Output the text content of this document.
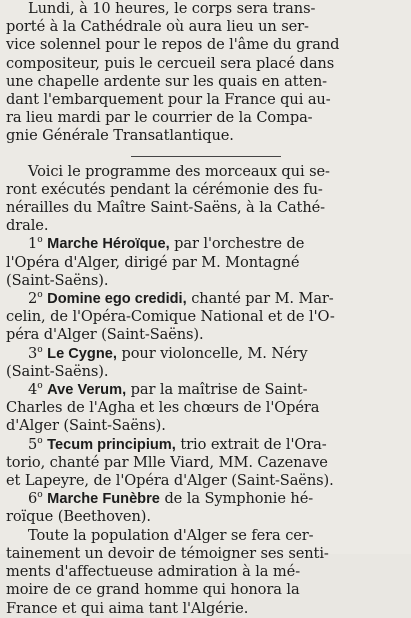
Lundi, à 10 heures, le corps sera trans-
porté à la Cathédrale où aura lieu un ser-
vice solennel pour le repos de l'âme du grand
compositeur, puis le cercueil sera placé dans
une chapelle ardente sur les quais en atten-
dant l'embarquement pour la France qui au-
ra lieu mardi par le courrier de la Compa-
gnie Générale Transatlantique.
Voici le programme des morceaux qui se-
ront exécutés pendant la cérémonie des fu-
nérailles du Maître Saint-Saëns, à la Cathé-
drale.
1$^o$ Marche Héroïque, par l'orchestre de
l'Opéra d'Alger, dirigé par M. Montagné
(Saint-Saëns).
2$^o$ Domine ego credidi, chanté par M. Mar-
celin, de l'Opéra-Comique National et de l'O-
péra d'Alger (Saint-Saëns).
3$^o$ Le Cygne, pour violoncelle, M. Néry
(Saint-Saëns).
4$^o$ Ave Verum, par la maîtrise de Saint-
Charles de l'Agha et les chœurs de l'Opéra
d'Alger (Saint-Saëns).
5$^o$ Tecum principium, trio extrait de l'Ora-
torio, chanté par Mlle Viard, MM. Cazenave
et Lapeyre, de l'Opéra d'Alger (Saint-Saëns).
6$^o$ Marche Funèbre de la Symphonie hé-
roïque (Beethoven).
Toute la population d'Alger se fera cer-
tainement un devoir de témoigner ses senti-
ments d'affectueuse admiration à la mé-
moire de ce grand homme qui honora la
France et qui aima tant l'Algérie.
